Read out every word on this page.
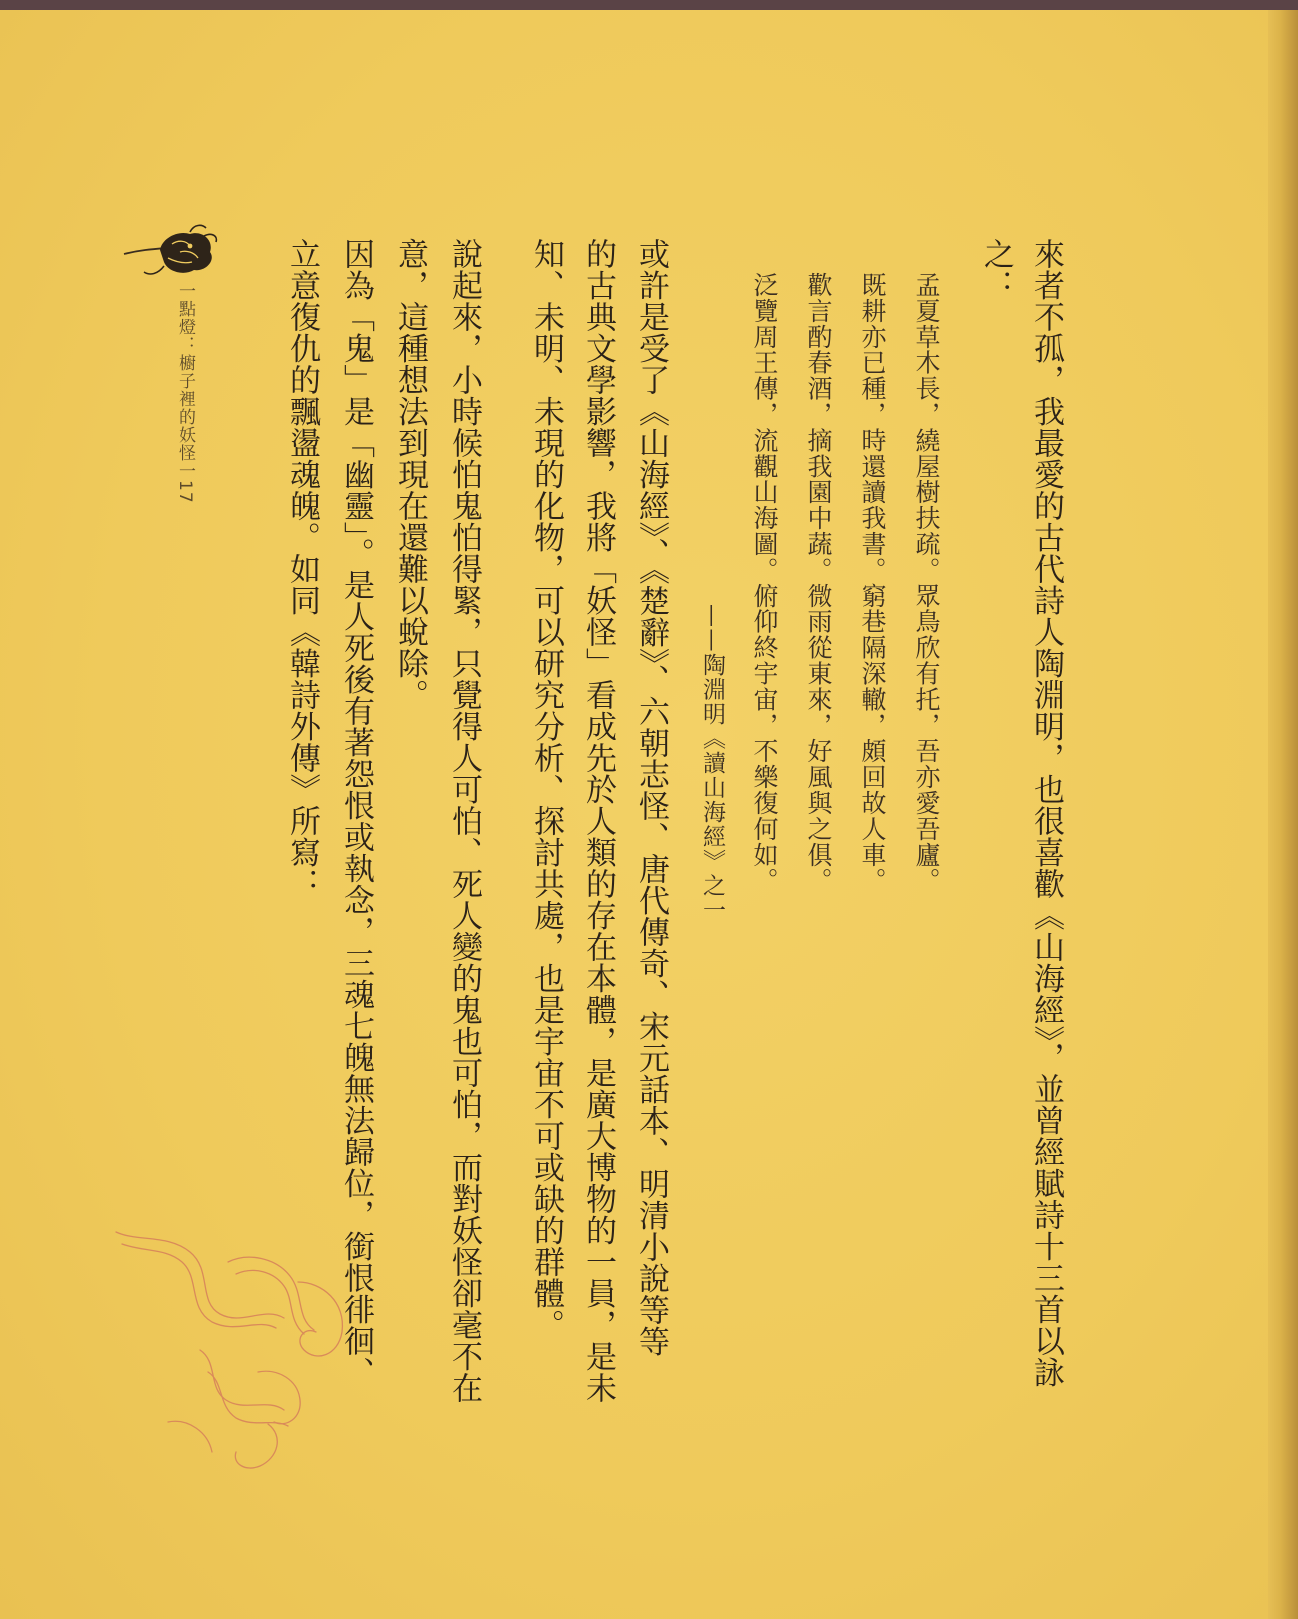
來者不孤，我最愛的古代詩人陶淵明，也很喜歡《山海經》，並曾經賦詩十三首以詠
之：
孟夏草木長，繞屋樹扶疏。眾鳥欣有托，吾亦愛吾廬。
既耕亦已種，時還讀我書。窮巷隔深轍，頗回故人車。
歡言酌春酒，摘我園中蔬。微雨從東來，好風與之俱。
泛覽周王傳，流觀山海圖。俯仰終宇宙，不樂復何如。
——陶淵明《讀山海經》之一
或許是受了《山海經》、《楚辭》、六朝志怪、唐代傳奇、宋元話本、明清小說等等
的古典文學影響，我將「妖怪」看成先於人類的存在本體，是廣大博物的一員，是未
知、未明、未現的化物，可以研究分析、探討共處，也是宇宙不可或缺的群體。
說起來，小時候怕鬼怕得緊，只覺得人可怕、死人變的鬼也可怕，而對妖怪卻毫不在
意，這種想法到現在還難以蛻除。
因為「鬼」是「幽靈」。是人死後有著怨恨或執念，三魂七魄無法歸位，銜恨徘徊、
立意復仇的飄盪魂魄。如同《韓詩外傳》所寫：
一點燈：櫥子裡的妖怪一17
